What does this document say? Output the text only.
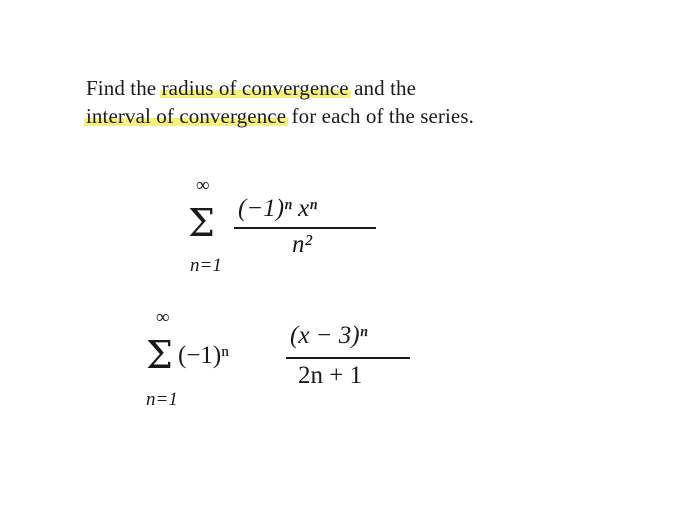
Find the radius of convergence and the
interval of convergence for each of the series.
∞
Σ
n=1
(−1)ⁿ xⁿ
n²
∞
Σ
n=1
(−1)ⁿ
(x − 3)ⁿ
2n + 1
